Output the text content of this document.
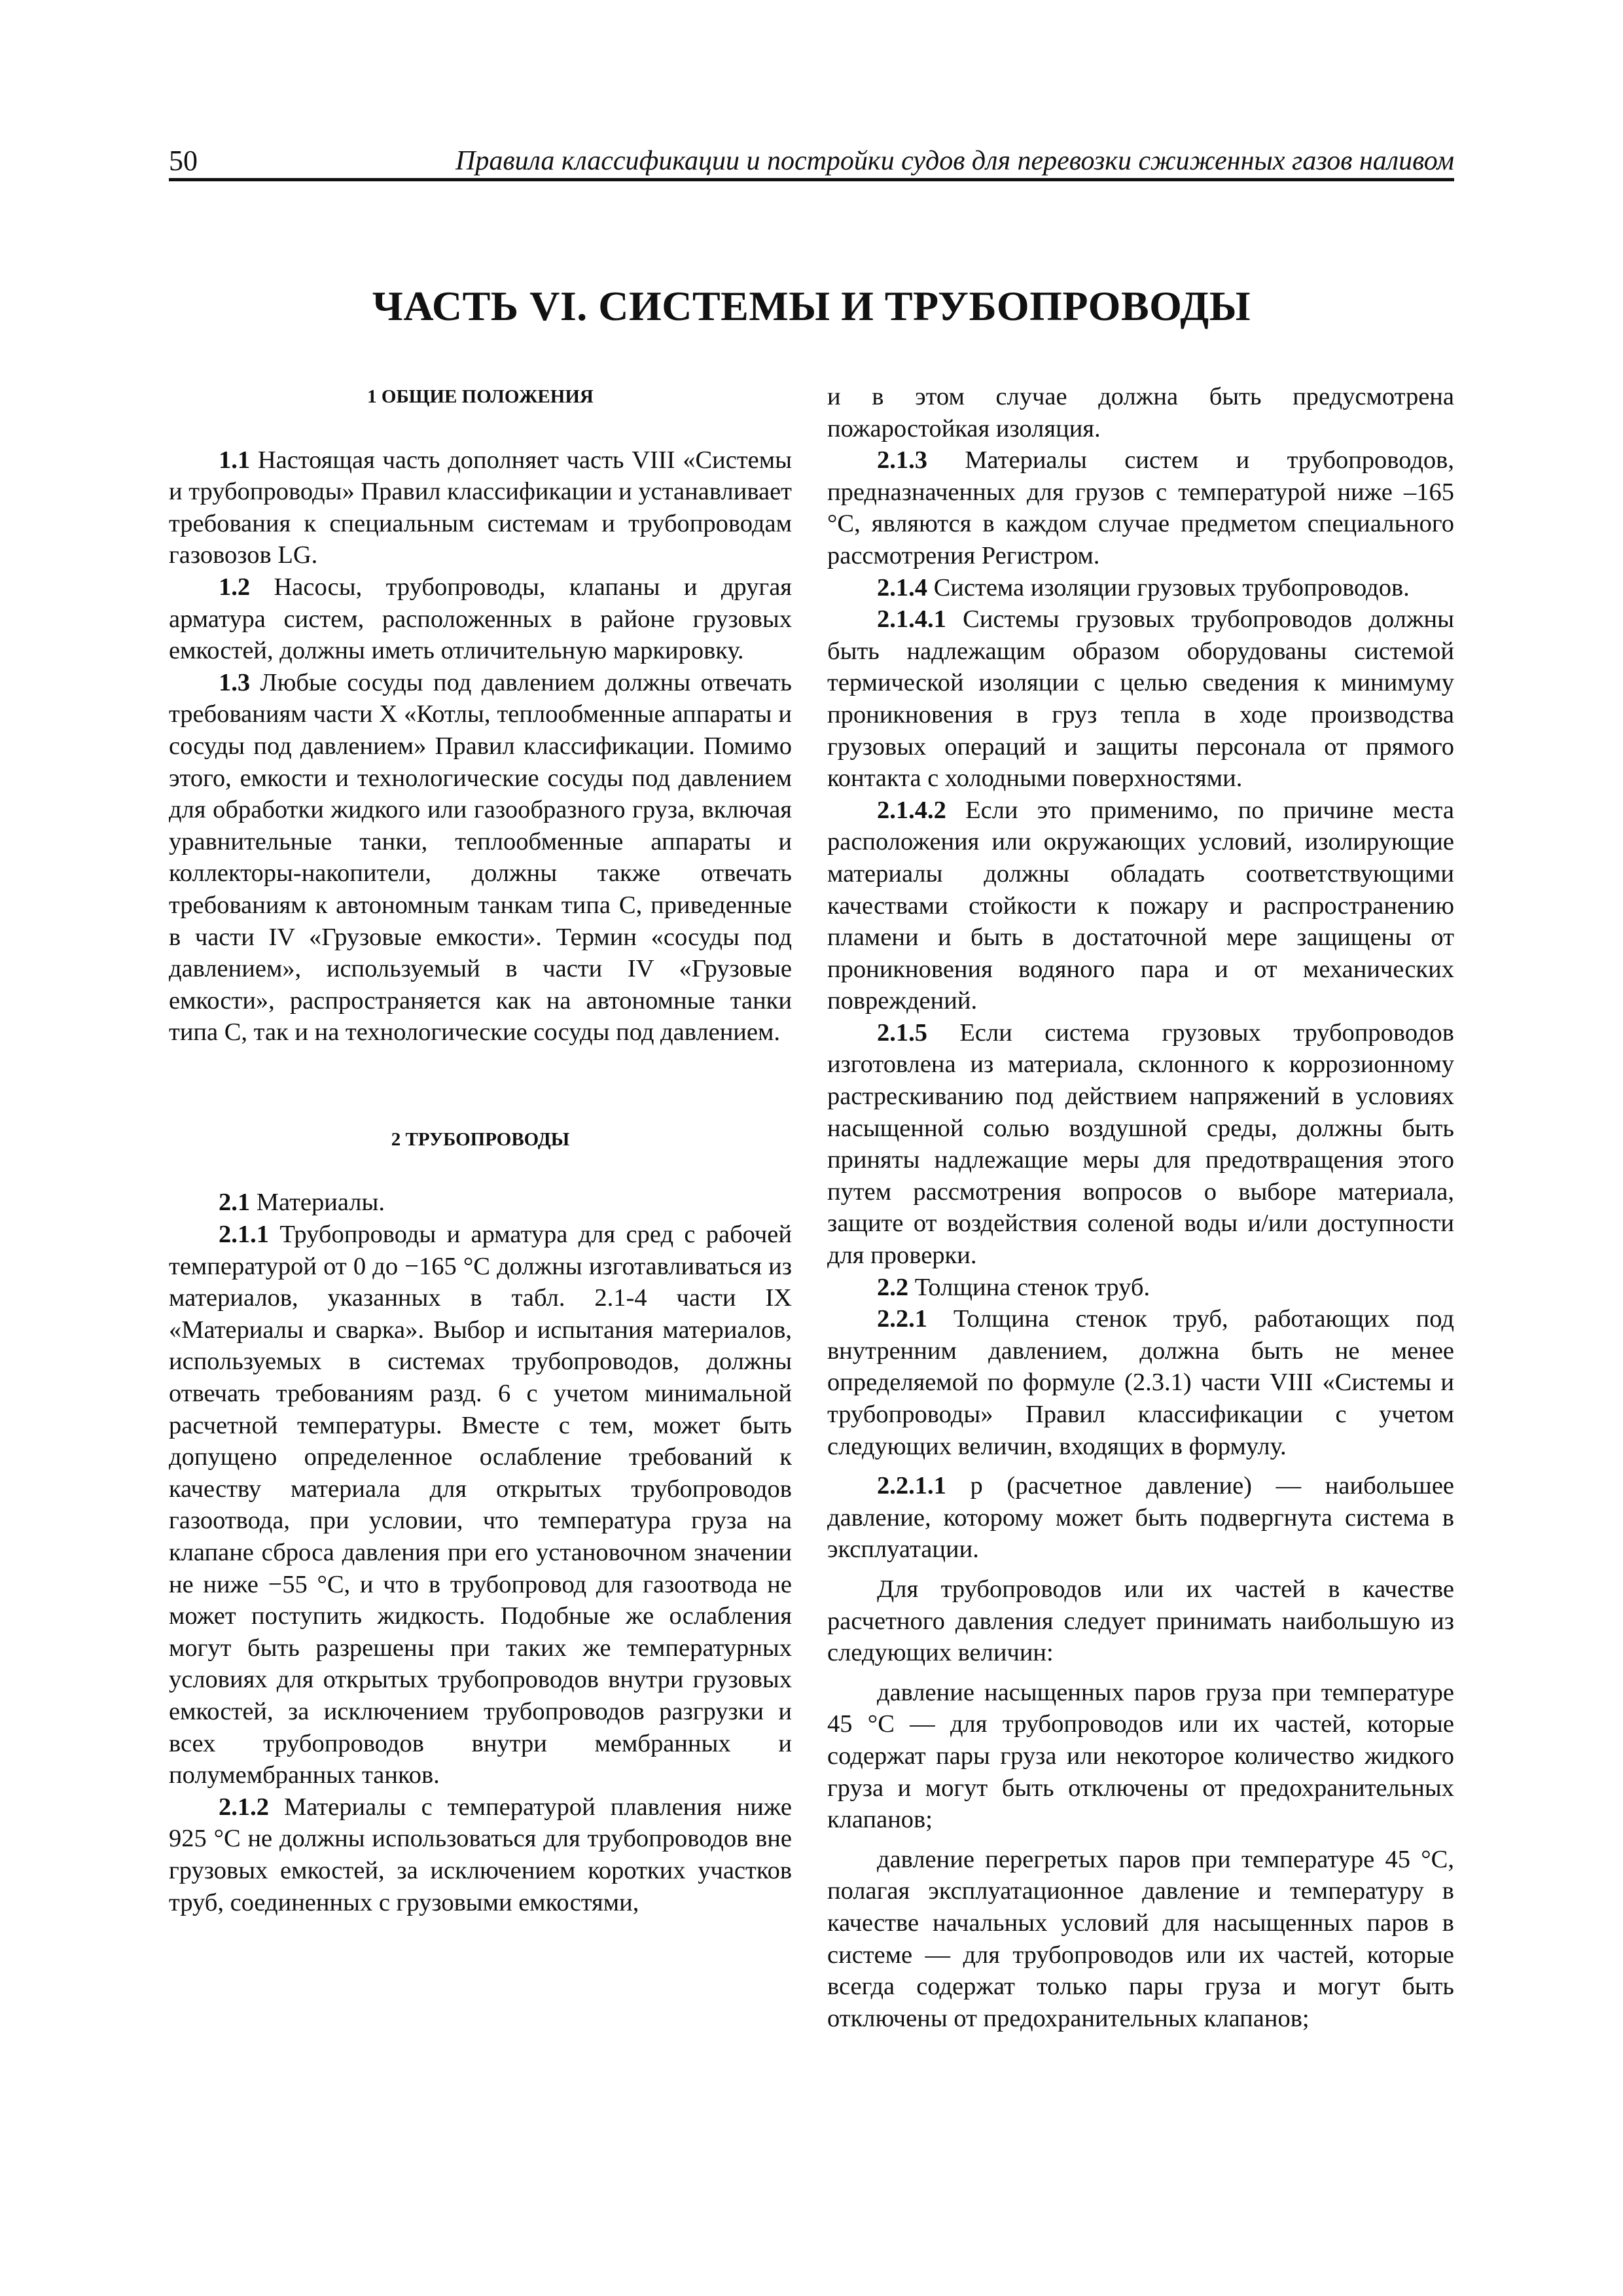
50	Правила классификации и постройки судов для перевозки сжиженных газов наливом
ЧАСТЬ VI. СИСТЕМЫ И ТРУБОПРОВОДЫ

1 ОБЩИЕ ПОЛОЖЕНИЯ

1.1 Настоящая часть дополняет часть VIII «Системы и трубопроводы» Правил классификации и устанавливает требования к специальным системам и трубопроводам газовозов LG.

1.2 Насосы, трубопроводы, клапаны и другая арматура систем, расположенных в районе грузовых емкостей, должны иметь отличительную маркировку.

1.3 Любые сосуды под давлением должны отвечать требованиям части X «Котлы, теплообменные аппараты и сосуды под давлением» Правил классификации. Помимо этого, емкости и технологические сосуды под давлением для обработки жидкого или газообразного груза, включая уравнительные танки, теплообменные аппараты и коллекторы-накопители, должны также отвечать требованиям к автономным танкам типа C, приведенные в части IV «Грузовые емкости». Термин «сосуды под давлением», используемый в части IV «Грузовые емкости», распространяется как на автономные танки типа C, так и на технологические сосуды под давлением.

2 ТРУБОПРОВОДЫ

2.1 Материалы.

2.1.1 Трубопроводы и арматура для сред с рабочей температурой от 0 до −165 °C должны изготавливаться из материалов, указанных в табл. 2.1-4 части IX «Материалы и сварка». Выбор и испытания материалов, используемых в системах трубопроводов, должны отвечать требованиям разд. 6 с учетом минимальной расчетной температуры. Вместе с тем, может быть допущено определенное ослабление требований к качеству материала для открытых трубопроводов газоотвода, при условии, что температура груза на клапане сброса давления при его установочном значении не ниже −55 °C, и что в трубопровод для газоотвода не может поступить жидкость. Подобные же ослабления могут быть разрешены при таких же температурных условиях для открытых трубопроводов внутри грузовых емкостей, за исключением трубопроводов разгрузки и всех трубопроводов внутри мембранных и полумембранных танков.

2.1.2 Материалы с температурой плавления ниже 925 °C не должны использоваться для трубопроводов вне грузовых емкостей, за исключением коротких участков труб, соединенных с грузовыми емкостями,

и в этом случае должна быть предусмотрена пожаростойкая изоляция.

2.1.3 Материалы систем и трубопроводов, предназначенных для грузов с температурой ниже –165 °C, являются в каждом случае предметом специального рассмотрения Регистром.

2.1.4 Система изоляции грузовых трубопроводов.

2.1.4.1 Системы грузовых трубопроводов должны быть надлежащим образом оборудованы системой термической изоляции с целью сведения к минимуму проникновения в груз тепла в ходе производства грузовых операций и защиты персонала от прямого контакта с холодными поверхностями.

2.1.4.2 Если это применимо, по причине места расположения или окружающих условий, изолирующие материалы должны обладать соответствующими качествами стойкости к пожару и распространению пламени и быть в достаточной мере защищены от проникновения водяного пара и от механических повреждений.

2.1.5 Если система грузовых трубопроводов изготовлена из материала, склонного к коррозионному растрескиванию под действием напряжений в условиях насыщенной солью воздушной среды, должны быть приняты надлежащие меры для предотвращения этого путем рассмотрения вопросов о выборе материала, защите от воздействия соленой воды и/или доступности для проверки.

2.2 Толщина стенок труб.

2.2.1 Толщина стенок труб, работающих под внутренним давлением, должна быть не менее определяемой по формуле (2.3.1) части VIII «Системы и трубопроводы» Правил классификации с учетом следующих величин, входящих в формулу.

2.2.1.1 p (расчетное давление) — наибольшее давление, которому может быть подвергнута система в эксплуатации.

Для трубопроводов или их частей в качестве расчетного давления следует принимать наибольшую из следующих величин:

давление насыщенных паров груза при температуре 45 °C — для трубопроводов или их частей, которые содержат пары груза или некоторое количество жидкого груза и могут быть отключены от предохранительных клапанов;

давление перегретых паров при температуре 45 °C, полагая эксплуатационное давление и температуру в качестве начальных условий для насыщенных паров в системе — для трубопроводов или их частей, которые всегда содержат только пары груза и могут быть отключены от предохранительных клапанов;
